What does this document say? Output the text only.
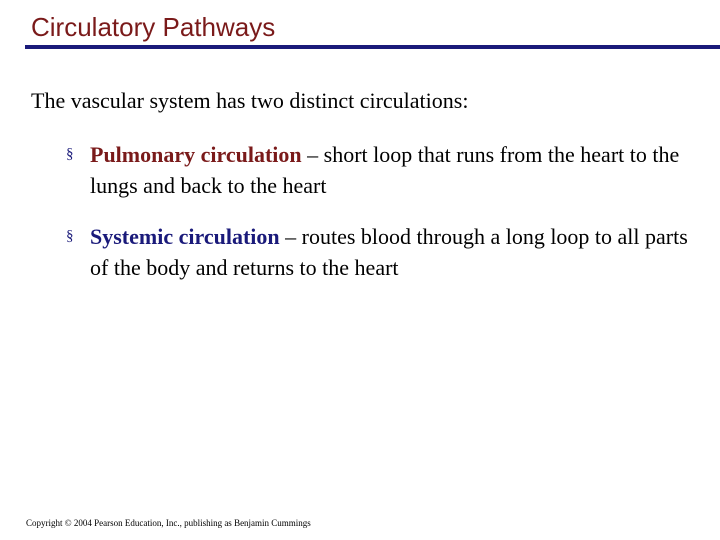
Circulatory Pathways
The vascular system has two distinct circulations:
§ Pulmonary circulation – short loop that runs from the heart to the lungs and back to the heart
§ Systemic circulation – routes blood through a long loop to all parts of the body and returns to the heart
Copyright © 2004 Pearson Education, Inc., publishing as Benjamin Cummings
